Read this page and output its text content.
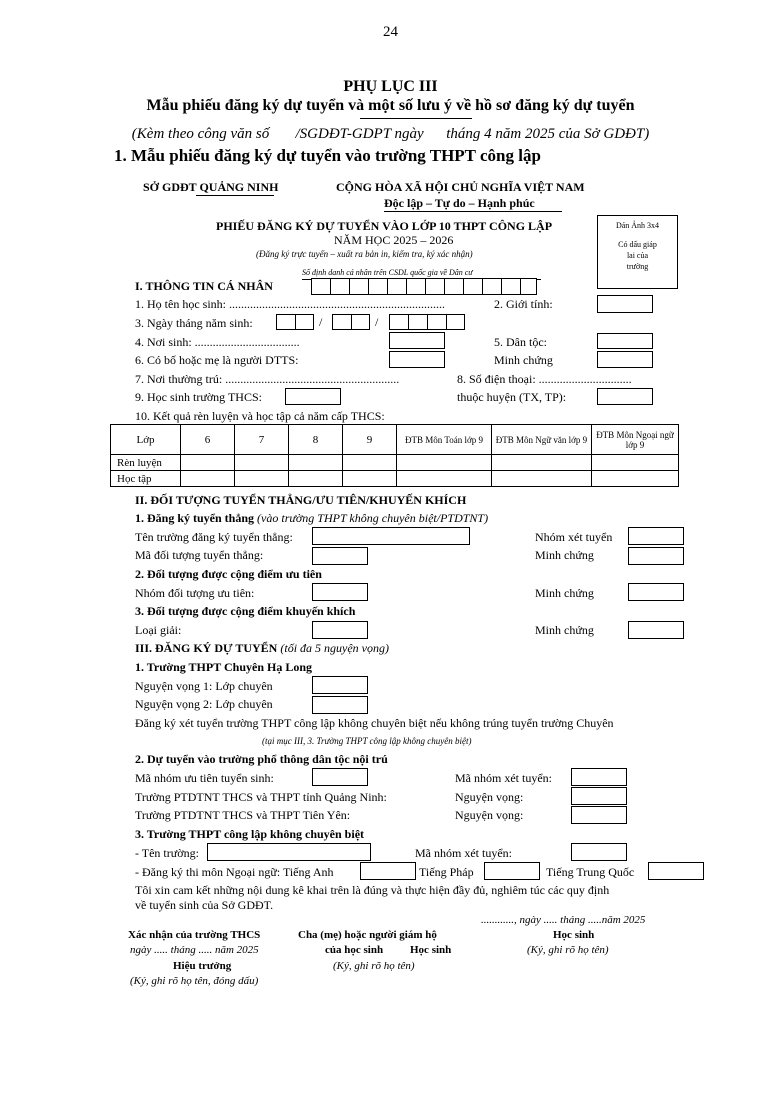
24
PHỤ LỤC III
Mẫu phiếu đăng ký dự tuyển và một số lưu ý về hồ sơ đăng ký dự tuyển
(Kèm theo công văn số       /SGDĐT-GDPT ngày      tháng 4 năm 2025 của Sở GDĐT)
1. Mẫu phiếu đăng ký dự tuyển vào trường THPT công lập
SỞ GDĐT QUẢNG NINH	CỘNG HÒA XÃ HỘI CHỦ NGHĨA VIỆT NAM
Độc lập – Tự do – Hạnh phúc
PHIẾU ĐĂNG KÝ DỰ TUYỂN VÀO LỚP 10 THPT CÔNG LẬP
NĂM HỌC 2025 – 2026
(Đăng ký trực tuyến – xuất ra bản in, kiểm tra, ký xác nhận)
Số định danh cá nhân trên CSDL quốc gia về Dân cư
Dán Ảnh 3x4
Có dấu giáp
lai của
trường
I. THÔNG TIN CÁ NHÂN
1. Họ tên học sinh: ........................................................................	2. Giới tính:
3. Ngày tháng năm sinh:	/	/
4. Nơi sinh: ...................................	5. Dân tộc:
6. Có bố hoặc mẹ là người DTTS:	Minh chứng
7. Nơi thường trú: ..........................................................	8. Số điện thoại: ...............................
9. Học sinh trường THCS:	thuộc huyện (TX, TP):
10. Kết quả rèn luyện và học tập cả năm cấp THCS:
Lớp	6	7	8	9	ĐTB Môn Toán lớp 9	ĐTB Môn Ngữ văn lớp 9	ĐTB Môn Ngoại ngữ lớp 9
Rèn luyện							
Học tập							
II. ĐỐI TƯỢNG TUYỂN THẲNG/ƯU TIÊN/KHUYẾN KHÍCH
1. Đăng ký tuyển thẳng (vào trường THPT không chuyên biệt/PTDTNT)
Tên trường đăng ký tuyển thẳng:	Nhóm xét tuyển
Mã đối tượng tuyển thẳng:	Minh chứng
2. Đối tượng được cộng điểm ưu tiên
Nhóm đối tượng ưu tiên:	Minh chứng
3. Đối tượng được cộng điểm khuyến khích
Loại giải:	Minh chứng
III. ĐĂNG KÝ DỰ TUYỂN (tối đa 5 nguyện vọng)
1. Trường THPT Chuyên Hạ Long
Nguyện vọng 1: Lớp chuyên
Nguyện vọng 2: Lớp chuyên
Đăng ký xét tuyển trường THPT công lập không chuyên biệt nếu không trúng tuyển trường Chuyên
(tại mục III, 3. Trường THPT công lập không chuyên biệt)
2. Dự tuyển vào trường phổ thông dân tộc nội trú
Mã nhóm ưu tiên tuyển sinh:	Mã nhóm xét tuyển:
Trường PTDTNT THCS và THPT tỉnh Quảng Ninh:	Nguyện vọng:
Trường PTDTNT THCS và THPT Tiên Yên:	Nguyện vọng:
3. Trường THPT công lập không chuyên biệt
- Tên trường:	Mã nhóm xét tuyển:
- Đăng ký thi môn Ngoại ngữ: Tiếng Anh	Tiếng Pháp	Tiếng Trung Quốc
Tôi xin cam kết những nội dung kê khai trên là đúng và thực hiện đầy đủ, nghiêm túc các quy định
về tuyển sinh của Sở GDĐT.
............, ngày ..... tháng .....năm 2025
Xác nhận của trường THCS
ngày ..... tháng ..... năm 2025
Hiệu trưởng
(Ký, ghi rõ họ tên, đóng dấu)
Cha (mẹ) hoặc người giám hộ
của học sinh
(Ký, ghi rõ họ tên)
Học sinh
Học sinh	(Ký, ghi rõ họ tên)
